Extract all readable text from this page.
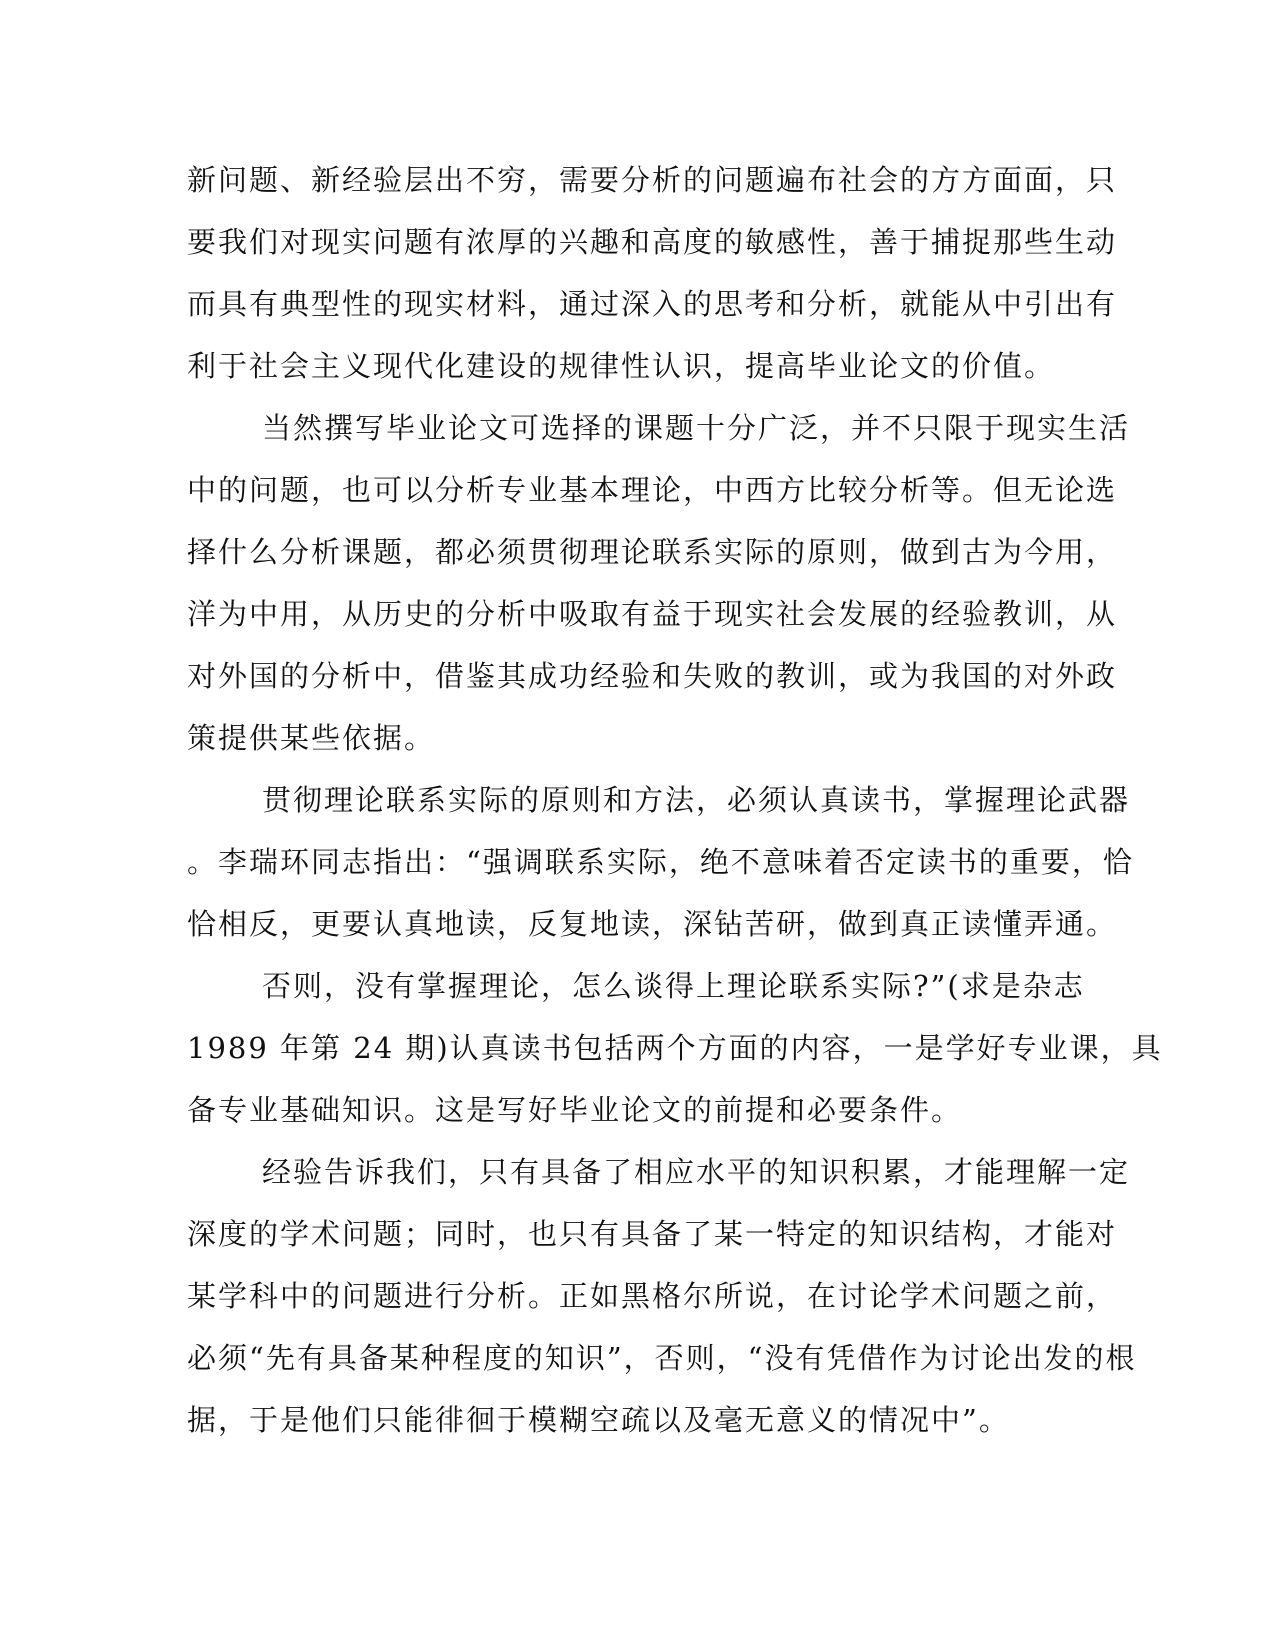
新问题、新经验层出不穷，需要分析的问题遍布社会的方方面面，只
要我们对现实问题有浓厚的兴趣和高度的敏感性，善于捕捉那些生动
而具有典型性的现实材料，通过深入的思考和分析，就能从中引出有
利于社会主义现代化建设的规律性认识，提高毕业论文的价值。
当然撰写毕业论文可选择的课题十分广泛，并不只限于现实生活
中的问题，也可以分析专业基本理论，中西方比较分析等。但无论选
择什么分析课题，都必须贯彻理论联系实际的原则，做到古为今用，
洋为中用，从历史的分析中吸取有益于现实社会发展的经验教训，从
对外国的分析中，借鉴其成功经验和失败的教训，或为我国的对外政
策提供某些依据。
贯彻理论联系实际的原则和方法，必须认真读书，掌握理论武器
。李瑞环同志指出：“强调联系实际，绝不意味着否定读书的重要，恰
恰相反，更要认真地读，反复地读，深钻苦研，做到真正读懂弄通。
否则，没有掌握理论，怎么谈得上理论联系实际?”(求是杂志
1989 年第 24 期)认真读书包括两个方面的内容，一是学好专业课，具
备专业基础知识。这是写好毕业论文的前提和必要条件。
经验告诉我们，只有具备了相应水平的知识积累，才能理解一定
深度的学术问题；同时，也只有具备了某一特定的知识结构，才能对
某学科中的问题进行分析。正如黑格尔所说，在讨论学术问题之前，
必须“先有具备某种程度的知识”，否则，“没有凭借作为讨论出发的根
据，于是他们只能徘徊于模糊空疏以及毫无意义的情况中”。
